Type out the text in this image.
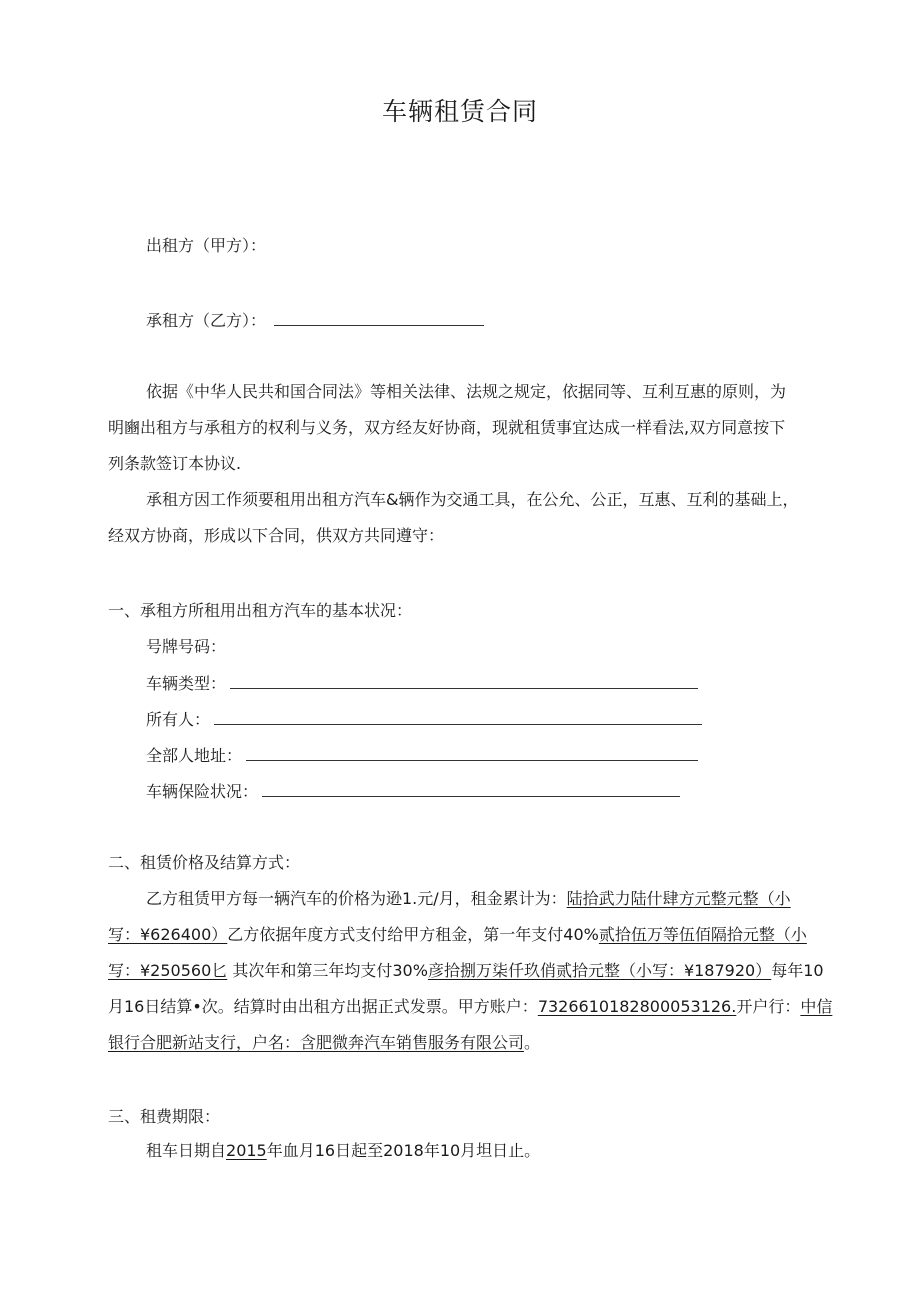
车辆租赁合同
出租方（甲方）：
承租方（乙方）：
依据《中华人民共和国合同法》等相关法律、法规之规定，依据同等、互利互惠的原则，为
明豳出租方与承租方的权利与义务，双方经友好协商，现就租赁事宜达成一样看法,双方同意按下
列条款签订本协议.
承租方因工作须要租用出租方汽车&辆作为交通工具，在公允、公正，互惠、互利的基础上，
经双方协商，形成以下合同，供双方共同遵守：
一、承租方所租用出租方汽车的基本状况：
号牌号码：
车辆类型：
所有人：
全部人地址：
车辆保险状况：
二、租赁价格及结算方式：
乙方租赁甲方每一辆汽车的价格为逊1.元/月，租金累计为：陆拾武力陆什肆方元整元整（小
写：¥626400）乙方依据年度方式支付给甲方租金，第一年支付40%贰拾伍万等伍佰隔拾元整（小
写：¥250560匕 其次年和第三年均支付30%彦拾捌万柒仟玖俏贰拾元整（小写：¥187920）每年10
月16日结算•次。结算时由出租方出据正式发票。甲方账户：7326610182800053126.开户行：中信
银行合肥新站支行，户名：含肥微奔汽车销售服务有限公司。
三、租费期限：
租车日期自2015年血月16日起至2018年10月坦日止。
